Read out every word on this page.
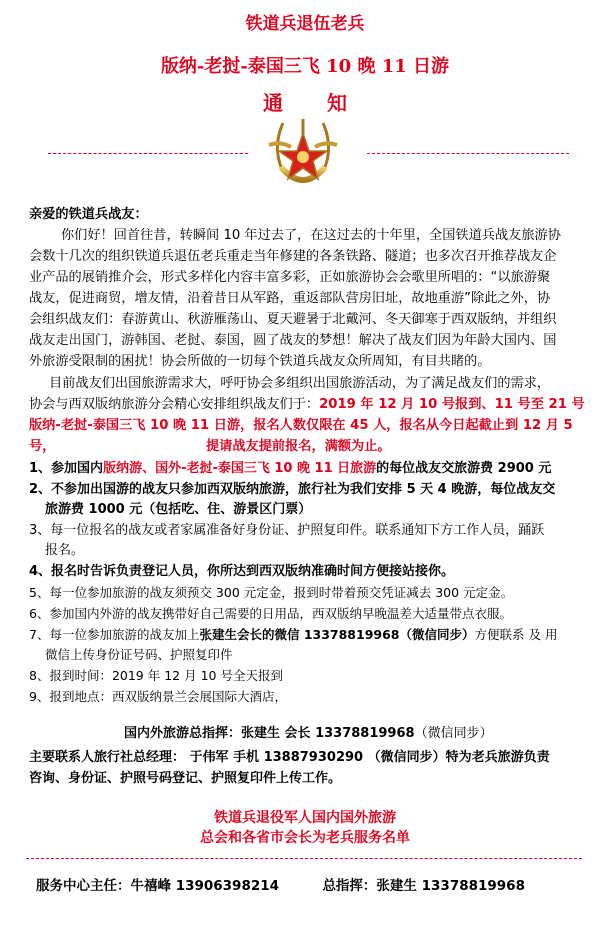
铁道兵退伍老兵
版纳-老挝-泰国三飞 10 晚 11 日游
通知
亲爱的铁道兵战友：
你们好！回首往昔，转瞬间 10 年过去了，在这过去的十年里，全国铁道兵战友旅游协
会数十几次的组织铁道兵退伍老兵重走当年修建的各条铁路、隧道；也多次召开推荐战友企
业产品的展销推介会，形式多样化内容丰富多彩，正如旅游协会会歌里所唱的：“以旅游聚
战友，促进商贸，增友情，沿着昔日从军路，重返部队营房旧址，故地重游”除此之外，协
会组织战友们：春游黄山、秋游雁荡山、夏天避暑于北戴河、冬天御寒于西双版纳，并组织
战友走出国门，游韩国、老挝、泰国，圆了战友的梦想！解决了战友们因为年龄大国内、国
外旅游受限制的困扰！协会所做的一切每个铁道兵战友众所周知，有目共睹的。
目前战友们出国旅游需求大，呼吁协会多组织出国旅游活动，为了满足战友们的需求，
协会与西双版纳旅游分会精心安排组织战友们于：2019 年 12 月 10 号报到、11 号至 21 号
版纳-老挝-泰国三飞 10 晚 11 日游，报名人数仅限在 45 人，报名从今日起截止到 12 月 5 号，	提请战友提前报名，满额为止。
1、参加国内版纳游、国外-老挝-泰国三飞 10 晚 11 日旅游的每位战友交旅游费 2900 元
2、不参加出国游的战友只参加西双版纳旅游，旅行社为我们安排 5 天 4 晚游，每位战友交
旅游费 1000 元（包括吃、住、游景区门票）
3、每一位报名的战友或者家属准备好身份证、护照复印件。联系通知下方工作人员，踊跃
报名。
4、报名时告诉负责登记人员，你所达到西双版纳准确时间方便接站接你。
5、每一位参加旅游的战友须预交 300 元定金，报到时带着预交凭证减去 300 元定金。
6、参加国内外游的战友携带好自己需要的日用品，西双版纳早晚温差大适量带点衣服。
7、每一位参加旅游的战友加上张建生会长的微信 13378819968（微信同步）方便联系 及 用
微信上传身份证号码、护照复印件
8、报到时间：2019 年 12 月 10 号全天报到
9、报到地点：西双版纳景兰会展国际大酒店，
国内外旅游总指挥：张建生 会长 13378819968（微信同步）
主要联系人旅行社总经理： 于伟军 手机 13887930290 （微信同步）特为老兵旅游负责
咨询、身份证、护照号码登记、护照复印件上传工作。
铁道兵退役军人国内国外旅游
总会和各省市会长为老兵服务名单
服务中心主任：牛禧峰 13906398214	总指挥：张建生 13378819968
